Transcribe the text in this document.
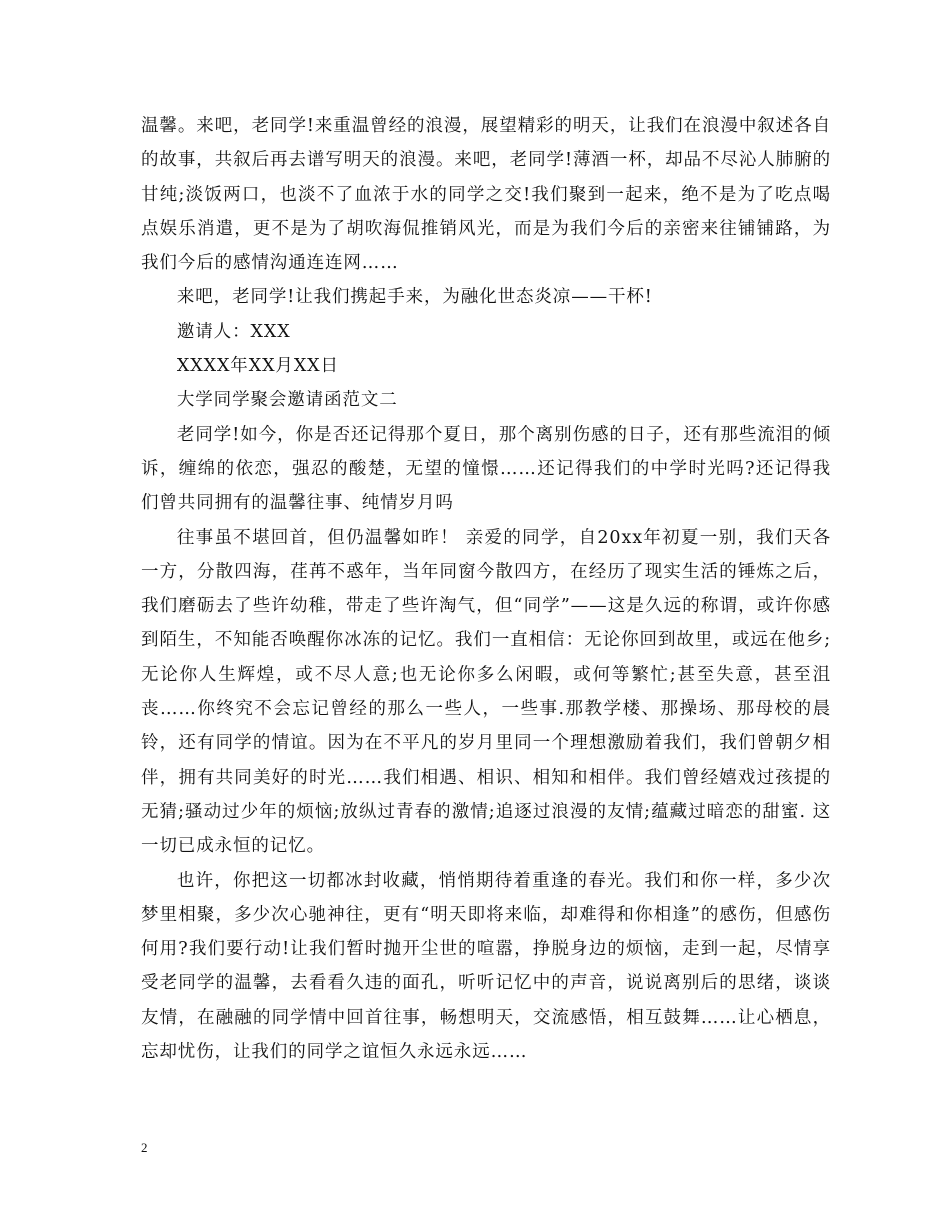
温馨。来吧，老同学!来重温曾经的浪漫，展望精彩的明天，让我们在浪漫中叙述各自的故事，共叙后再去谱写明天的浪漫。来吧，老同学!薄酒一杯，却品不尽沁人肺腑的甘纯;淡饭两口，也淡不了血浓于水的同学之交!我们聚到一起来，绝不是为了吃点喝点娱乐消遣，更不是为了胡吹海侃推销风光，而是为我们今后的亲密来往铺铺路，为我们今后的感情沟通连连网……

来吧，老同学!让我们携起手来，为融化世态炎凉——干杯!

邀请人：XXX

XXXX年XX月XX日

大学同学聚会邀请函范文二

老同学!如今，你是否还记得那个夏日，那个离别伤感的日子，还有那些流泪的倾诉，缠绵的依恋，强忍的酸楚，无望的憧憬……还记得我们的中学时光吗?还记得我们曾共同拥有的温馨往事、纯情岁月吗

往事虽不堪回首，但仍温馨如昨！ 亲爱的同学，自20xx年初夏一别，我们天各一方，分散四海，荏苒不惑年，当年同窗今散四方，在经历了现实生活的锤炼之后，我们磨砺去了些许幼稚，带走了些许淘气，但“同学”——这是久远的称谓，或许你感到陌生，不知能否唤醒你冰冻的记忆。我们一直相信：无论你回到故里，或远在他乡;无论你人生辉煌，或不尽人意;也无论你多么闲暇，或何等繁忙;甚至失意，甚至沮丧……你终究不会忘记曾经的那么一些人，一些事.那教学楼、那操场、那母校的晨铃，还有同学的情谊。因为在不平凡的岁月里同一个理想激励着我们，我们曾朝夕相伴，拥有共同美好的时光……我们相遇、相识、相知和相伴。我们曾经嬉戏过孩提的无猜;骚动过少年的烦恼;放纵过青春的激情;追逐过浪漫的友情;蕴藏过暗恋的甜蜜. 这一切已成永恒的记忆。

也许，你把这一切都冰封收藏，悄悄期待着重逢的春光。我们和你一样，多少次梦里相聚，多少次心驰神往，更有“明天即将来临，却难得和你相逢”的感伤，但感伤何用?我们要行动!让我们暂时抛开尘世的喧嚣，挣脱身边的烦恼，走到一起，尽情享受老同学的温馨，去看看久违的面孔，听听记忆中的声音，说说离别后的思绪，谈谈友情，在融融的同学情中回首往事，畅想明天，交流感悟，相互鼓舞……让心栖息，忘却忧伤，让我们的同学之谊恒久永远永远……

2
